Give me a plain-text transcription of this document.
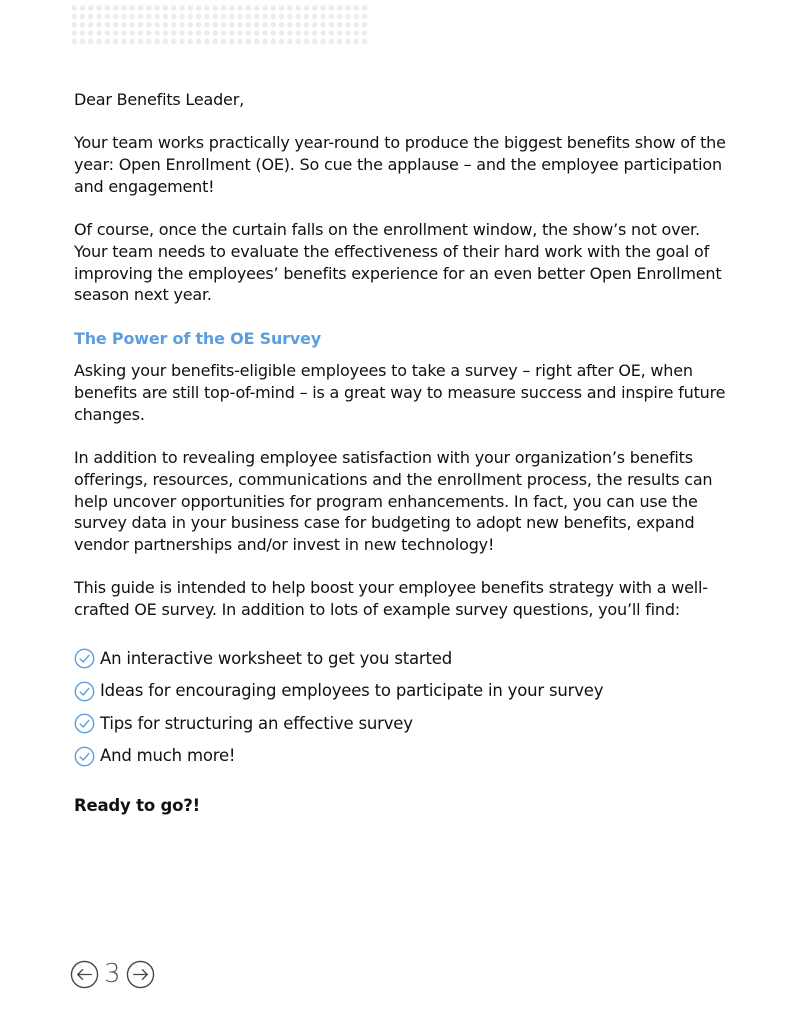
Dear Benefits Leader,

Your team works practically year-round to produce the biggest benefits show of the year: Open Enrollment (OE). So cue the applause – and the employee participation and engagement!

Of course, once the curtain falls on the enrollment window, the show’s not over. Your team needs to evaluate the effectiveness of their hard work with the goal of improving the employees’ benefits experience for an even better Open Enrollment season next year.

The Power of the OE Survey

Asking your benefits-eligible employees to take a survey – right after OE, when benefits are still top-of-mind – is a great way to measure success and inspire future changes.

In addition to revealing employee satisfaction with your organization’s benefits offerings, resources, communications and the enrollment process, the results can help uncover opportunities for program enhancements. In fact, you can use the survey data in your business case for budgeting to adopt new benefits, expand vendor partnerships and/or invest in new technology!

This guide is intended to help boost your employee benefits strategy with a well-crafted OE survey. In addition to lots of example survey questions, you’ll find:

An interactive worksheet to get you started
Ideas for encouraging employees to participate in your survey
Tips for structuring an effective survey
And much more!

Ready to go?!

3
